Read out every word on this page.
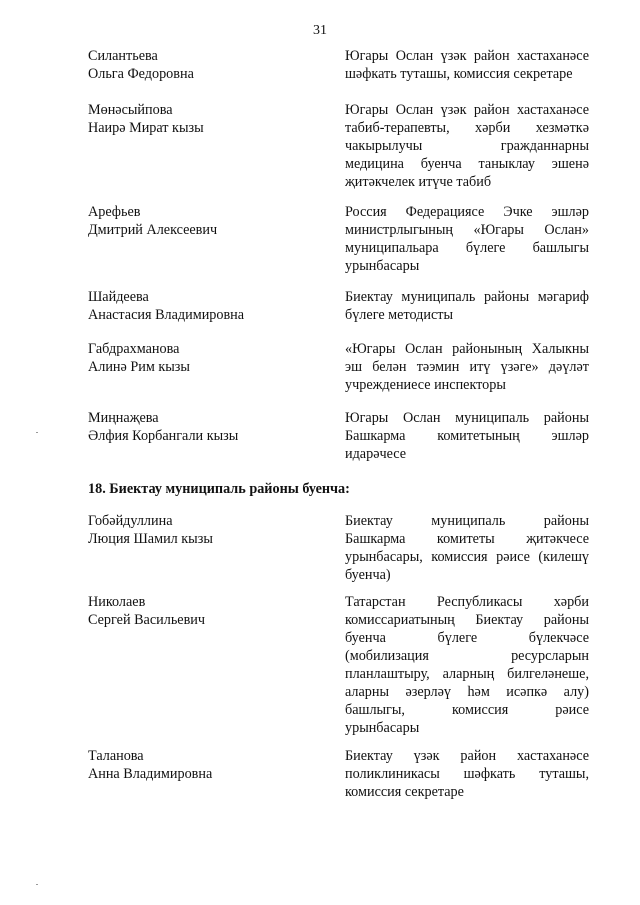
31
Силантьева
Ольга Федоровна
Югары Ослан үзәк район хастаханәсе
шәфкать туташы, комиссия секретаре
Мөнәсыйпова
Наирә Мират кызы
Югары Ослан үзәк район хастаханәсе
табиб-терапевты, хәрби хезмәткә
чакырылучы гражданнарны
медицина буенча таныклау эшенә
җитәкчелек итүче табиб
Арефьев
Дмитрий Алексеевич
Россия Федерациясе Эчке эшләр
министрлыгының «Югары Ослан»
муниципальара бүлеге башлыгы
урынбасары
Шайдеева
Анастасия Владимировна
Биектау муниципаль районы мәгариф
бүлеге методисты
Габдрахманова
Алинә Рим кызы
«Югары Ослан районының Халыкны
эш белән тәэмин итү үзәге» дәүләт
учреждениесе инспекторы
Миңнаҗева
Әлфия Корбангали кызы
Югары Ослан муниципаль районы
Башкарма комитетының эшләр
идарәчесе
18. Биектау муниципаль районы буенча:
Гобәйдуллина
Люция Шамил кызы
Биектау муниципаль районы
Башкарма комитеты җитәкчесе
урынбасары, комиссия рәисе (килешү
буенча)
Николаев
Сергей Васильевич
Татарстан Республикасы хәрби
комиссариатының Биектау районы
буенча бүлеге бүлекчәсе
(мобилизация ресурсларын
планлаштыру, аларның билгеләнеше,
аларны әзерләү һәм исәпкә алу)
башлыгы, комиссия рәисе
урынбасары
Таланова
Анна Владимировна
Биектау үзәк район хастаханәсе
поликлиникасы шәфкать туташы,
комиссия секретаре
